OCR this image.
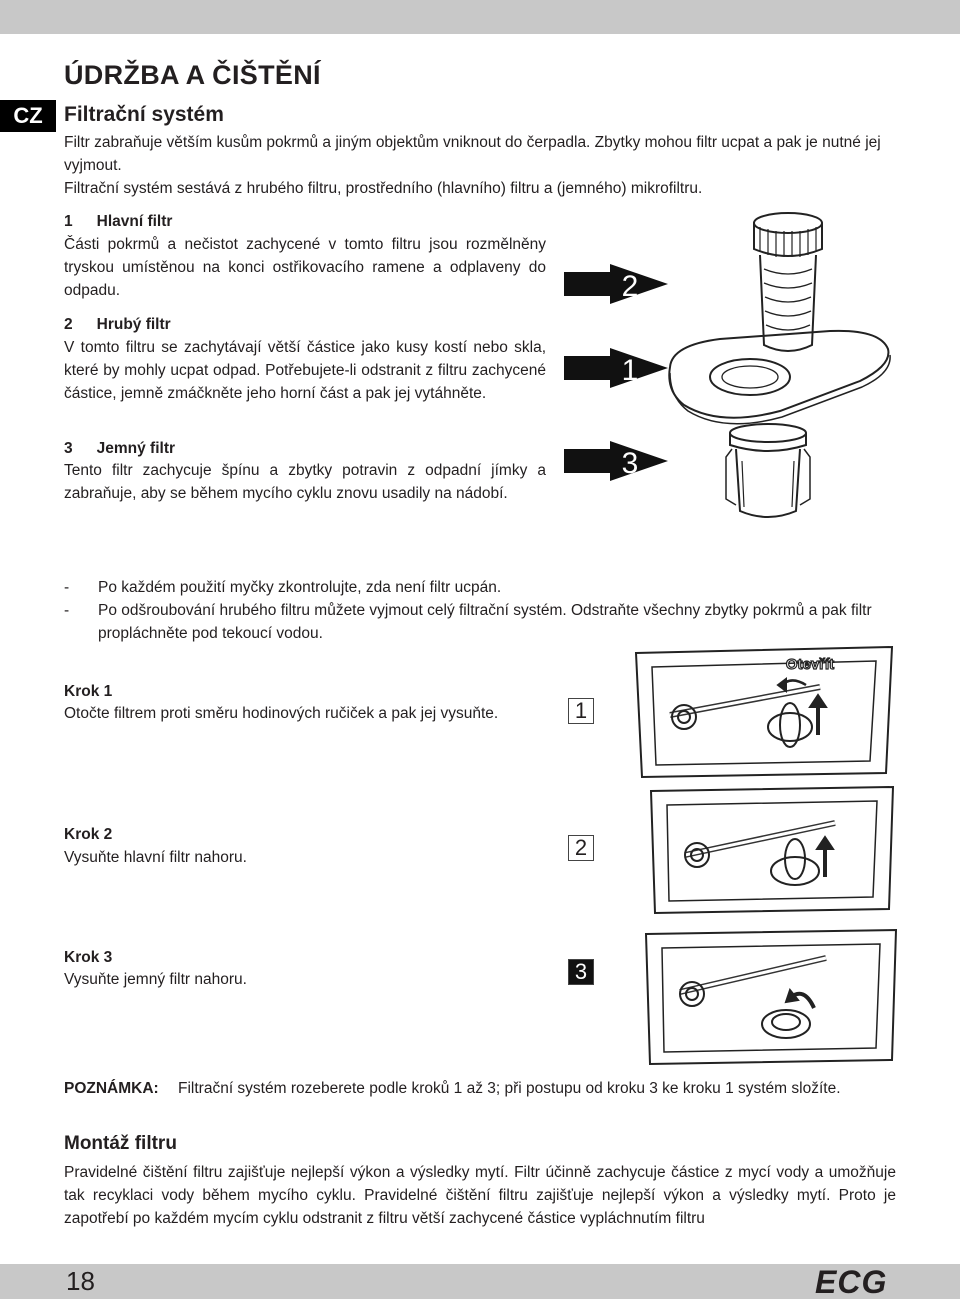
CZ
ÚDRŽBA A ČIŠTĚNÍ
Filtrační systém
Filtr zabraňuje větším kusům pokrmů a jiným objektům vniknout do čerpadla. Zbytky mohou filtr ucpat a pak je nutné jej vyjmout.
Filtrační systém sestává z hrubého filtru, prostředního (hlavního) filtru a (jemného) mikrofiltru.
1 Hlavní filtr
Části pokrmů a nečistot zachycené v tomto filtru jsou rozmělněny tryskou umístěnou na konci ostřikovacího ramene a odplaveny do odpadu.
2 Hrubý filtr
V tomto filtru se zachytávají větší částice jako kusy kostí nebo skla, které by mohly ucpat odpad. Potřebujete-li odstranit z filtru zachycené částice, jemně zmáčkněte jeho horní část a pak jej vytáhněte.
3 Jemný filtr
Tento filtr zachycuje špínu a zbytky potravin z odpadní jímky a zabraňuje, aby se během mycího cyklu znovu usadily na nádobí.
2
1
3
- Po každém použití myčky zkontrolujte, zda není filtr ucpán.
- Po odšroubování hrubého filtru můžete vyjmout celý filtrační systém. Odstraňte všechny zbytky pokrmů a pak filtr propláchněte pod tekoucí vodou.
Krok 1
Otočte filtrem proti směru hodinových ručiček a pak jej vysuňte.	1
Krok 2
Vysuňte hlavní filtr nahoru.	2
Krok 3
Vysuňte jemný filtr nahoru.	3
Otevřít
POZNÁMKA: Filtrační systém rozeberete podle kroků 1 až 3; při postupu od kroku 3 ke kroku 1 systém složíte.
Montáž filtru
Pravidelné čištění filtru zajišťuje nejlepší výkon a výsledky mytí. Filtr účinně zachycuje částice z mycí vody a umožňuje tak recyklaci vody během mycího cyklu. Pravidelné čištění filtru zajišťuje nejlepší výkon a výsledky mytí. Proto je zapotřebí po každém mycím cyklu odstranit z filtru větší zachycené částice vypláchnutím filtru
18	ECG
